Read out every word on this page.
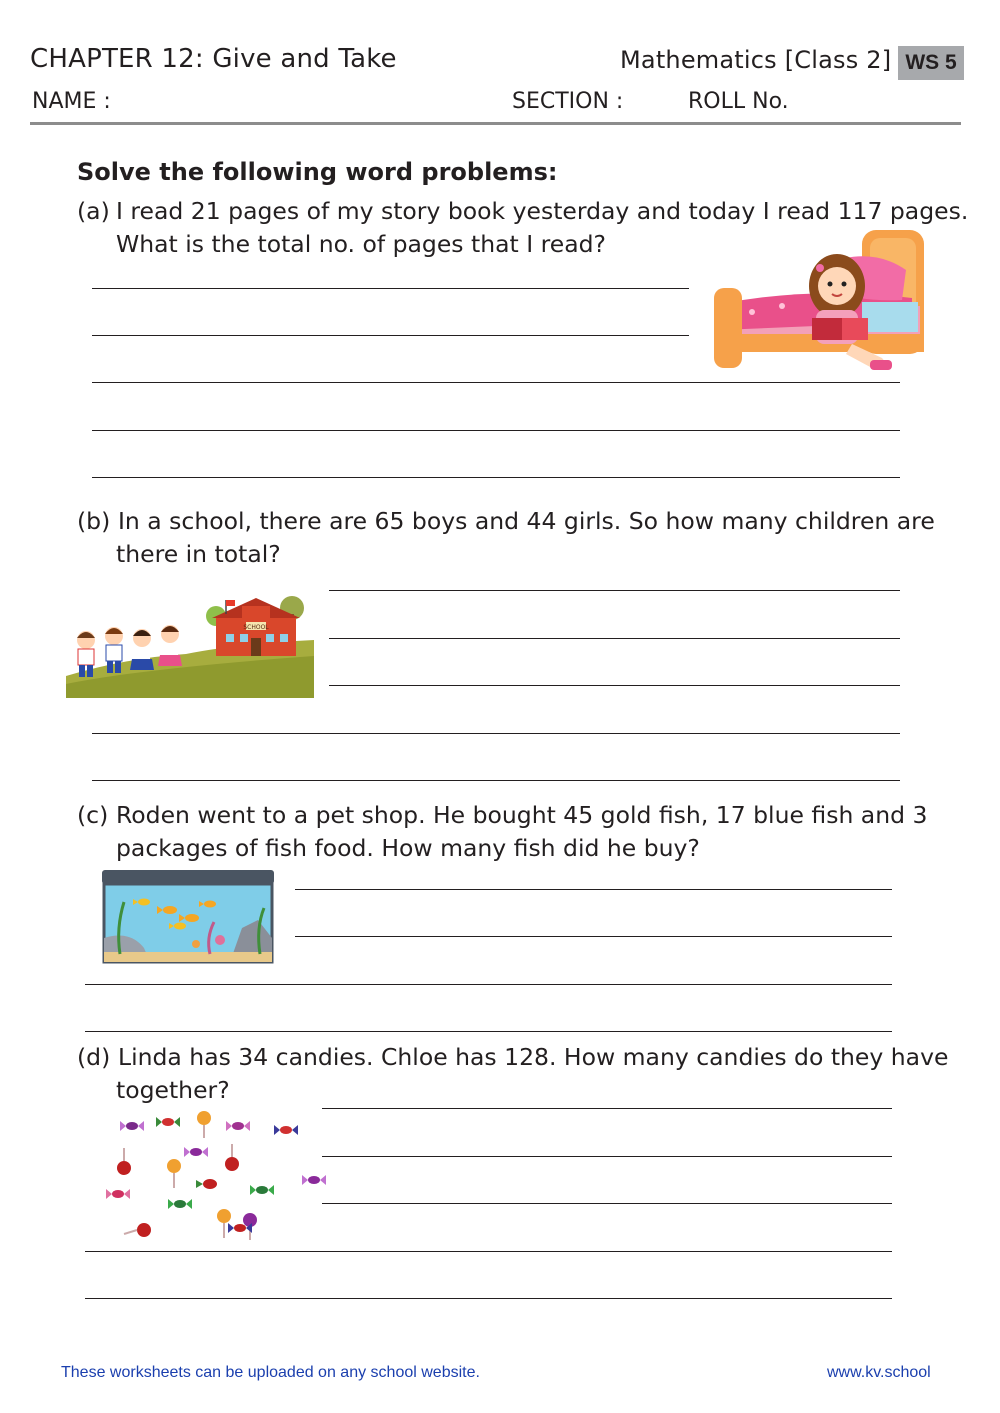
CHAPTER 12: Give and Take	Mathematics [Class 2] WS 5
NAME :	SECTION :	ROLL No.
Solve the following word problems:
(a) I read 21 pages of my story book yesterday and today I read 117 pages.
What is the total no. of pages that I read?
(b) In a school, there are 65 boys and 44 girls. So how many children are
there in total?
SCHOOL
(c) Roden went to a pet shop. He bought 45 gold fish, 17 blue fish and 3
packages of fish food. How many fish did he buy?
(d) Linda has 34 candies. Chloe has 128. How many candies do they have
together?
These worksheets can be uploaded on any school website.	www.kv.school
